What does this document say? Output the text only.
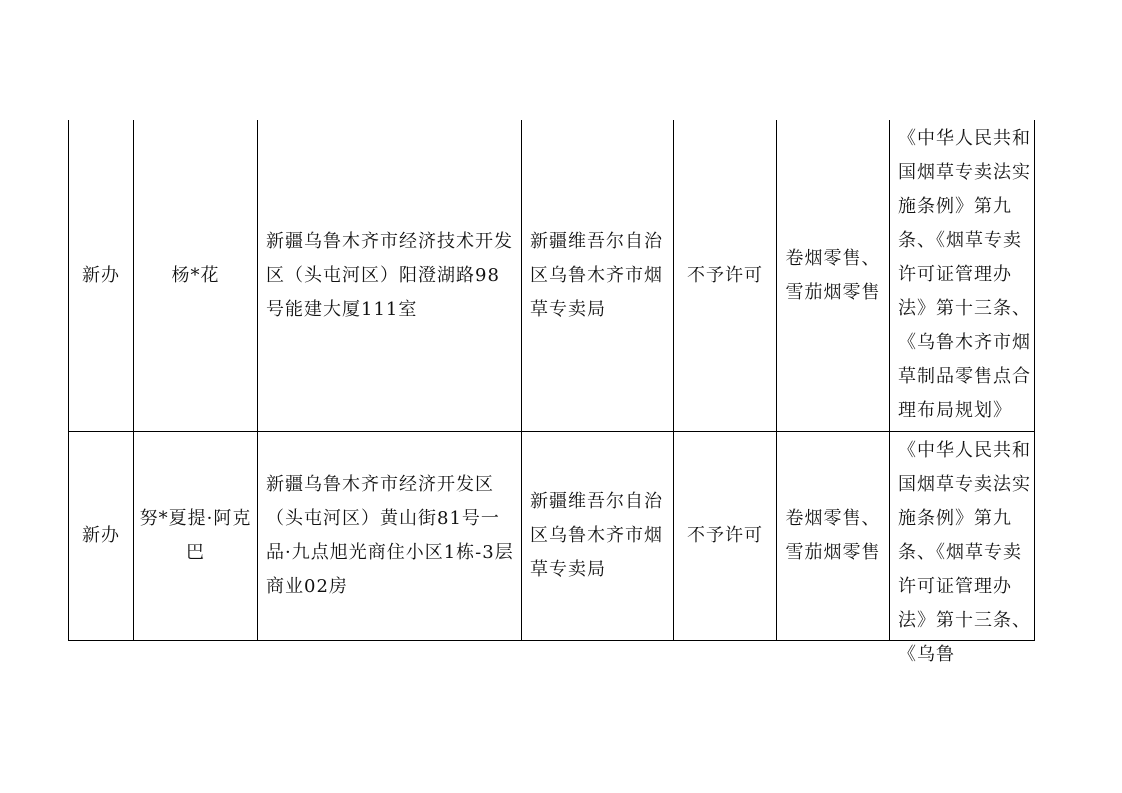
新办	杨*花
新疆乌鲁木齐市经济技术开发区（头屯河区）阳澄湖路98号能建大厦111室
新疆维吾尔自治区乌鲁木齐市烟草专卖局
不予许可
卷烟零售、雪茄烟零售
《中华人民共和国烟草专卖法实施条例》第九条、《烟草专卖许可证管理办法》第十三条、《乌鲁木齐市烟草制品零售点合理布局规划》
新办
努*夏提·阿克巴
新疆乌鲁木齐市经济开发区（头屯河区）黄山街81号一品·九点旭光商住小区1栋-3层商业02房
新疆维吾尔自治区乌鲁木齐市烟草专卖局
不予许可
卷烟零售、雪茄烟零售
《中华人民共和国烟草专卖法实施条例》第九条、《烟草专卖许可证管理办法》第十三条、《乌鲁
